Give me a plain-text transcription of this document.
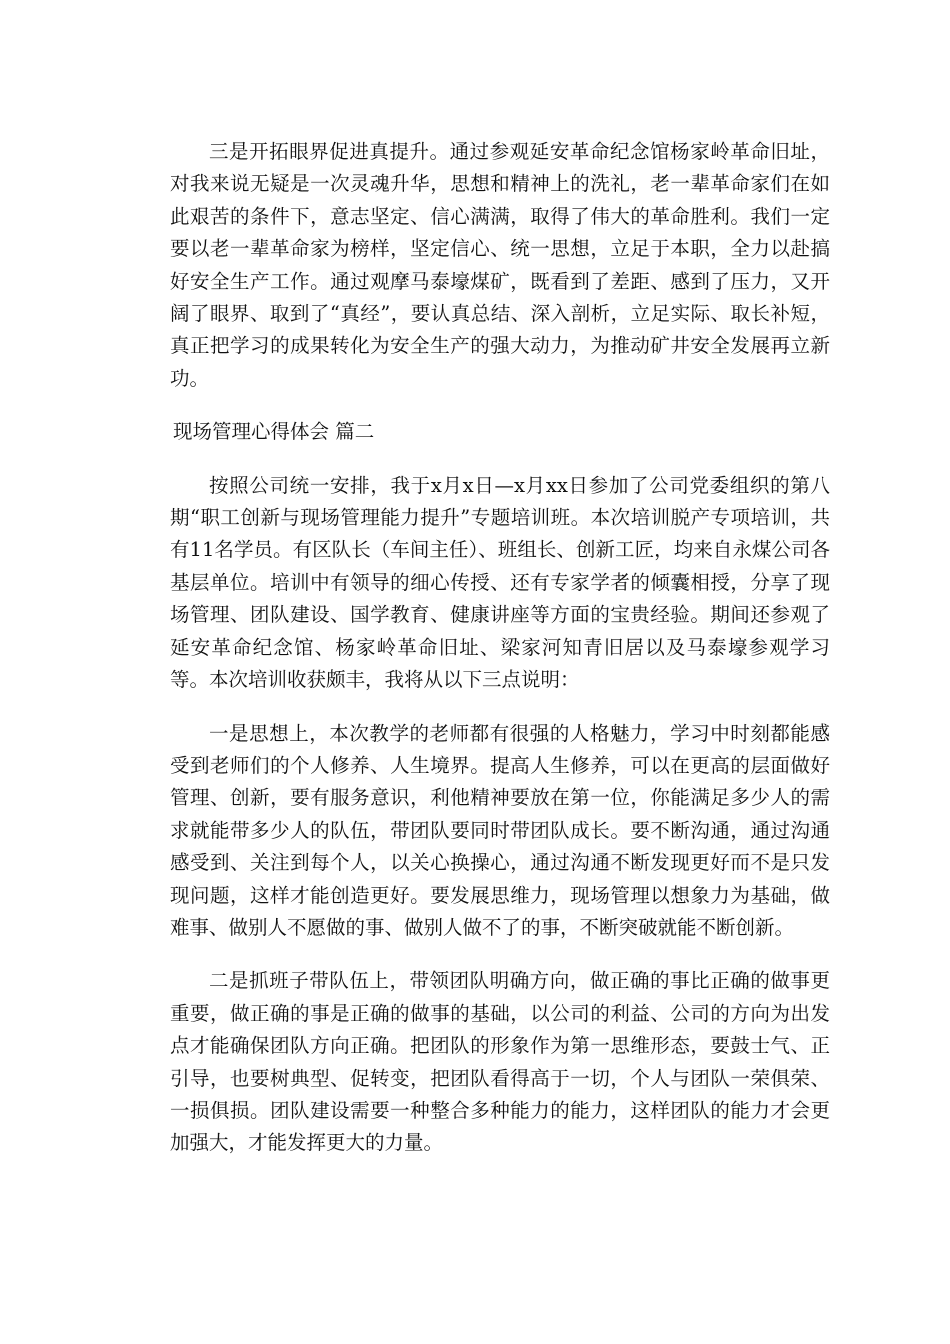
三是开拓眼界促进真提升。通过参观延安革命纪念馆杨家岭革命旧址，对我来说无疑是一次灵魂升华，思想和精神上的洗礼，老一辈革命家们在如此艰苦的条件下，意志坚定、信心满满，取得了伟大的革命胜利。我们一定要以老一辈革命家为榜样，坚定信心、统一思想，立足于本职，全力以赴搞好安全生产工作。通过观摩马泰壕煤矿，既看到了差距、感到了压力，又开阔了眼界、取到了“真经”，要认真总结、深入剖析，立足实际、取长补短，真正把学习的成果转化为安全生产的强大动力，为推动矿井安全发展再立新功。

现场管理心得体会 篇二

按照公司统一安排，我于x月x日—x月xx日参加了公司党委组织的第八期“职工创新与现场管理能力提升”专题培训班。本次培训脱产专项培训，共有11名学员。有区队长（车间主任）、班组长、创新工匠，均来自永煤公司各基层单位。培训中有领导的细心传授、还有专家学者的倾囊相授，分享了现场管理、团队建设、国学教育、健康讲座等方面的宝贵经验。期间还参观了延安革命纪念馆、杨家岭革命旧址、梁家河知青旧居以及马泰壕参观学习等。本次培训收获颇丰，我将从以下三点说明：

一是思想上，本次教学的老师都有很强的人格魅力，学习中时刻都能感受到老师们的个人修养、人生境界。提高人生修养，可以在更高的层面做好管理、创新，要有服务意识，利他精神要放在第一位，你能满足多少人的需求就能带多少人的队伍，带团队要同时带团队成长。要不断沟通，通过沟通感受到、关注到每个人，以关心换操心，通过沟通不断发现更好而不是只发现问题，这样才能创造更好。要发展思维力，现场管理以想象力为基础，做难事、做别人不愿做的事、做别人做不了的事，不断突破就能不断创新。

二是抓班子带队伍上，带领团队明确方向，做正确的事比正确的做事更重要，做正确的事是正确的做事的基础，以公司的利益、公司的方向为出发点才能确保团队方向正确。把团队的形象作为第一思维形态，要鼓士气、正引导，也要树典型、促转变，把团队看得高于一切，个人与团队一荣俱荣、一损俱损。团队建设需要一种整合多种能力的能力，这样团队的能力才会更加强大，才能发挥更大的力量。
